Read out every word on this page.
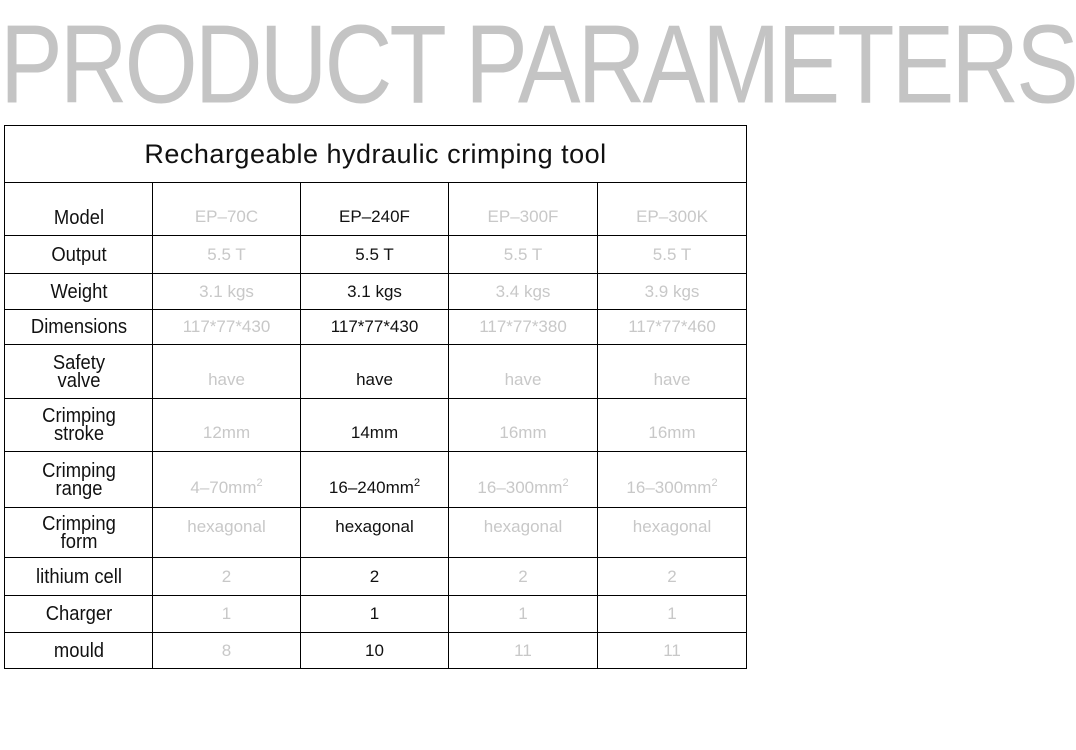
PRODUCT PARAMETERS
Rechargeable hydraulic crimping tool				
Model	EP–70C	EP–240F	EP–300F	EP–300K
Output	5.5 T	5.5 T	5.5 T	5.5 T
Weight	3.1 kgs	3.1 kgs	3.4 kgs	3.9 kgs
Dimensions	117*77*430	117*77*430	117*77*380	117*77*460
Safety
valve	have	have	have	have
Crimping
stroke	12mm	14mm	16mm	16mm
Crimping
range	$4-70mm^2$	$16-240mm^2$	$16-300mm^2$	$16-300mm^2$
Crimping
form	hexagonal	hexagonal	hexagonal	hexagonal
lithium cell	2	2	2	2
Charger	1	1	1	1
mould	8	10	11	11
